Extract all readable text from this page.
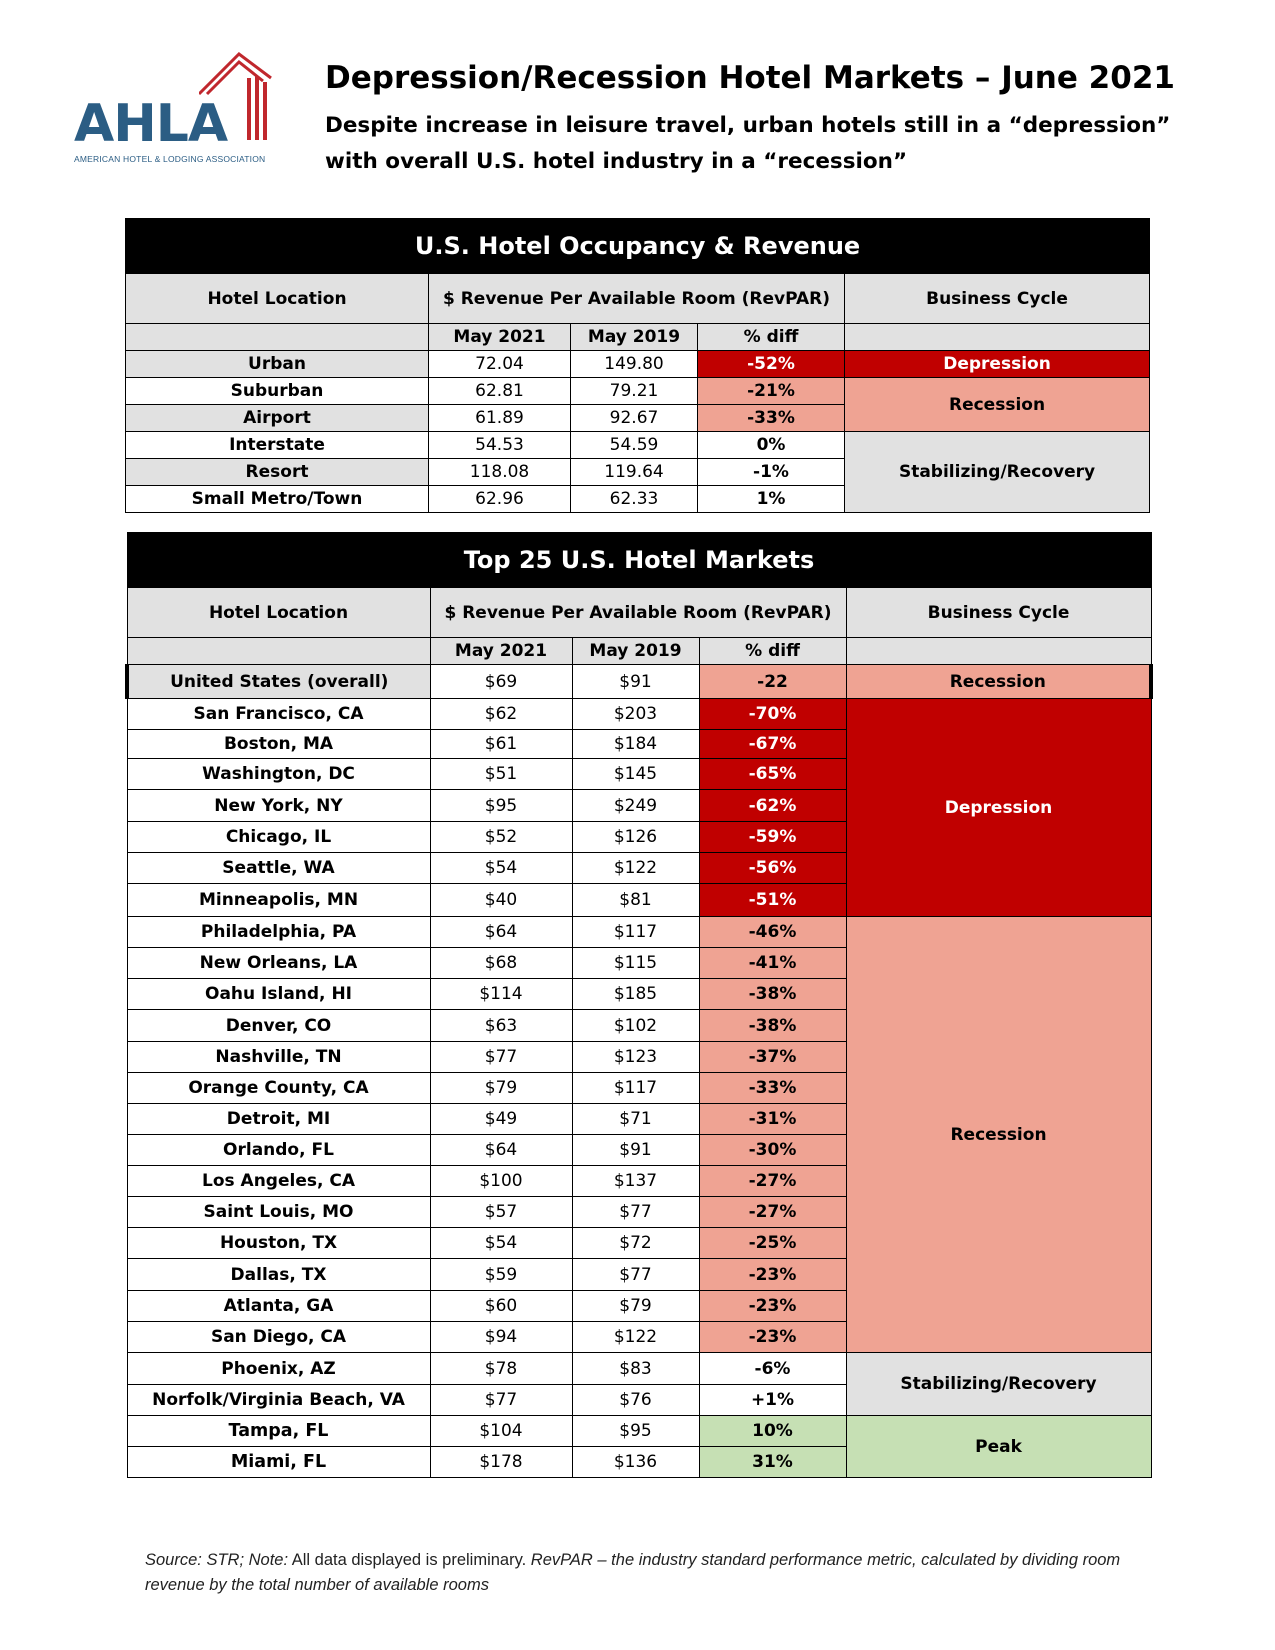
AHLA
AMERICAN HOTEL & LODGING ASSOCIATION
Depression/Recession Hotel Markets – June 2021
Despite increase in leisure travel, urban hotels still in a “depression” with overall U.S. hotel industry in a “recession”
U.S. Hotel Occupancy & Revenue				
Hotel Location	$ Revenue Per Available Room (RevPAR)			Business Cycle
	May 2021	May 2019	% diff	
Urban	72.04	149.80	-52%	Depression
Suburban	62.81	79.21	-21%	Recession
Airport	61.89	92.67	-33%	
Interstate	54.53	54.59	0%	Stabilizing/Recovery
Resort	118.08	119.64	-1%	
Small Metro/Town	62.96	62.33	1%	
Top 25 U.S. Hotel Markets				
Hotel Location	$ Revenue Per Available Room (RevPAR)			Business Cycle
	May 2021	May 2019	% diff	
United States (overall)	$69	$91	-22	Recession
San Francisco, CA	$62	$203	-70%	Depression
Boston, MA	$61	$184	-67%	
Washington, DC	$51	$145	-65%	
New York, NY	$95	$249	-62%	
Chicago, IL	$52	$126	-59%	
Seattle, WA	$54	$122	-56%	
Minneapolis, MN	$40	$81	-51%	
Philadelphia, PA	$64	$117	-46%	Recession
New Orleans, LA	$68	$115	-41%	
Oahu Island, HI	$114	$185	-38%	
Denver, CO	$63	$102	-38%	
Nashville, TN	$77	$123	-37%	
Orange County, CA	$79	$117	-33%	
Detroit, MI	$49	$71	-31%	
Orlando, FL	$64	$91	-30%	
Los Angeles, CA	$100	$137	-27%	
Saint Louis, MO	$57	$77	-27%	
Houston, TX	$54	$72	-25%	
Dallas, TX	$59	$77	-23%	
Atlanta, GA	$60	$79	-23%	
San Diego, CA	$94	$122	-23%	
Phoenix, AZ	$78	$83	-6%	Stabilizing/Recovery
Norfolk/Virginia Beach, VA	$77	$76	+1%	
Tampa, FL	$104	$95	10%	Peak
Miami, FL	$178	$136	31%	
Source: STR; Note: All data displayed is preliminary. RevPAR – the industry standard performance metric, calculated by dividing room revenue by the total number of available rooms
